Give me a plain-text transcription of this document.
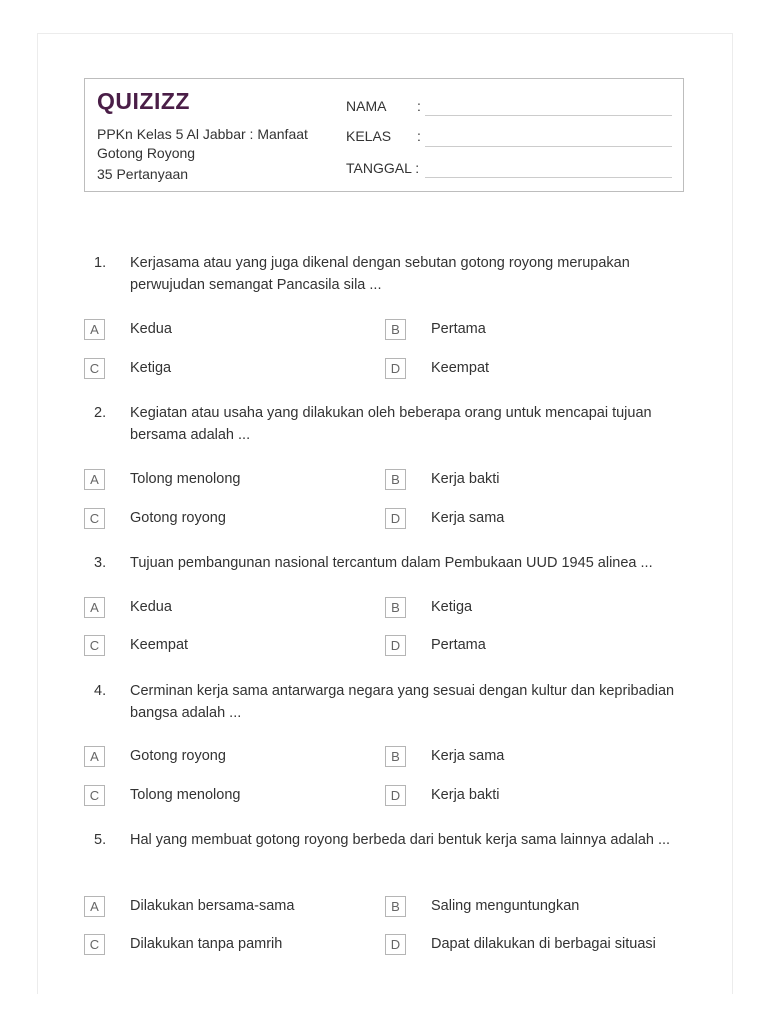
QUIZIZZ
PPKn Kelas 5 Al Jabbar : Manfaat Gotong Royong
35 Pertanyaan
NAMA :
KELAS :
TANGGAL :
1.	Kerjasama atau yang juga dikenal dengan sebutan gotong royong merupakan perwujudan semangat Pancasila sila ...
A	Kedua	B	Pertama
C	Ketiga	D	Keempat
2.	Kegiatan atau usaha yang dilakukan oleh beberapa orang untuk mencapai tujuan bersama adalah ...
A	Tolong menolong	B	Kerja bakti
C	Gotong royong	D	Kerja sama
3.	Tujuan pembangunan nasional tercantum dalam Pembukaan UUD 1945 alinea ...
A	Kedua	B	Ketiga
C	Keempat	D	Pertama
4.	Cerminan kerja sama antarwarga negara yang sesuai dengan kultur dan kepribadian bangsa adalah ...
A	Gotong royong	B	Kerja sama
C	Tolong menolong	D	Kerja bakti
5.	Hal yang membuat gotong royong berbeda dari bentuk kerja sama lainnya adalah ...
A	Dilakukan bersama-sama	B	Saling menguntungkan
C	Dilakukan tanpa pamrih	D	Dapat dilakukan di berbagai situasi
